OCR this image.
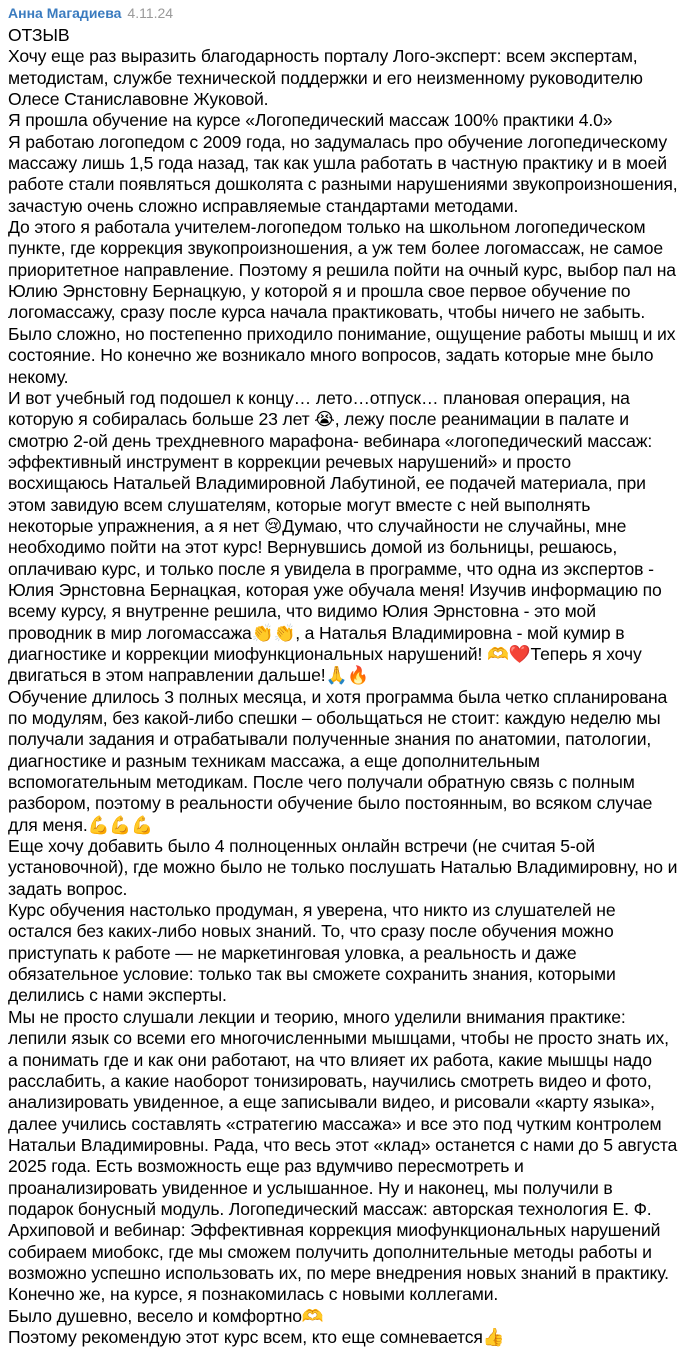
Анна Магадиева 4.11.24
ОТЗЫВ
Хочу еще раз выразить благодарность порталу Лого-эксперт: всем экспертам,
методистам, службе технической поддержки и его неизменному руководителю
Олесе Станиславовне Жуковой.
Я прошла обучение на курсе «Логопедический массаж 100% практики 4.0»
Я работаю логопедом с 2009 года, но задумалась про обучение логопедическому
массажу лишь 1,5 года назад, так как ушла работать в частную практику и в моей
работе стали появляться дошколята с разными нарушениями звукопроизношения,
зачастую очень сложно исправляемые стандартами методами.
До этого я работала учителем-логопедом только на школьном логопедическом
пункте, где коррекция звукопроизношения, а уж тем более логомассаж, не самое
приоритетное направление. Поэтому я решила пойти на очный курс, выбор пал на
Юлию Эрнстовну Бернацкую, у которой я и прошла свое первое обучение по
логомассажу, сразу после курса начала практиковать, чтобы ничего не забыть.
Было сложно, но постепенно приходило понимание, ощущение работы мышц и их
состояние. Но конечно же возникало много вопросов, задать которые мне было
некому.
И вот учебный год подошел к концу… лето…отпуск… плановая операция, на
которую я собиралась больше 23 лет 😭, лежу после реанимации в палате и
смотрю 2-ой день трехдневного марафона- вебинара «логопедический массаж:
эффективный инструмент в коррекции речевых нарушений» и просто
восхищаюсь Натальей Владимировной Лабутиной, ее подачей материала, при
этом завидую всем слушателям, которые могут вместе с ней выполнять
некоторые упражнения, а я нет 😢Думаю, что случайности не случайны, мне
необходимо пойти на этот курс! Вернувшись домой из больницы, решаюсь,
оплачиваю курс, и только после я увидела в программе, что одна из экспертов -
Юлия Эрнстовна Бернацкая, которая уже обучала меня! Изучив информацию по
всему курсу, я внутренне решила, что видимо Юлия Эрнстовна - это мой
проводник в мир логомассажа👏👏, а Наталья Владимировна - мой кумир в
диагностике и коррекции миофункциональных нарушений! 🫶❤️Теперь я хочу
двигаться в этом направлении дальше!🙏🔥
Обучение длилось 3 полных месяца, и хотя программа была четко спланирована
по модулям, без какой-либо спешки – обольщаться не стоит: каждую неделю мы
получали задания и отрабатывали полученные знания по анатомии, патологии,
диагностике и разным техникам массажа, а еще дополнительным
вспомогательным методикам. После чего получали обратную связь с полным
разбором, поэтому в реальности обучение было постоянным, во всяком случае
для меня.💪💪💪
Еще хочу добавить было 4 полноценных онлайн встречи (не считая 5-ой
установочной), где можно было не только послушать Наталью Владимировну, но и
задать вопрос.
Курс обучения настолько продуман, я уверена, что никто из слушателей не
остался без каких-либо новых знаний. То, что сразу после обучения можно
приступать к работе — не маркетинговая уловка, а реальность и даже
обязательное условие: только так вы сможете сохранить знания, которыми
делились с нами эксперты.
Мы не просто слушали лекции и теорию, много уделили внимания практике:
лепили язык со всеми его многочисленными мышцами, чтобы не просто знать их,
а понимать где и как они работают, на что влияет их работа, какие мышцы надо
расслабить, а какие наоборот тонизировать, научились смотреть видео и фото,
анализировать увиденное, а еще записывали видео, и рисовали «карту языка»,
далее учились составлять «стратегию массажа» и все это под чутким контролем
Натальи Владимировны. Рада, что весь этот «клад» останется с нами до 5 августа
2025 года. Есть возможность еще раз вдумчиво пересмотреть и
проанализировать увиденное и услышанное. Ну и наконец, мы получили в
подарок бонусный модуль. Логопедический массаж: авторская технология Е. Ф.
Архиповой и вебинар: Эффективная коррекция миофункциональных нарушений
собираем миобокс, где мы сможем получить дополнительные методы работы и
возможно успешно использовать их, по мере внедрения новых знаний в практику.
Конечно же, на курсе, я познакомилась с новыми коллегами.
Было душевно, весело и комфортно🫶
Поэтому рекомендую этот курс всем, кто еще сомневается👍
